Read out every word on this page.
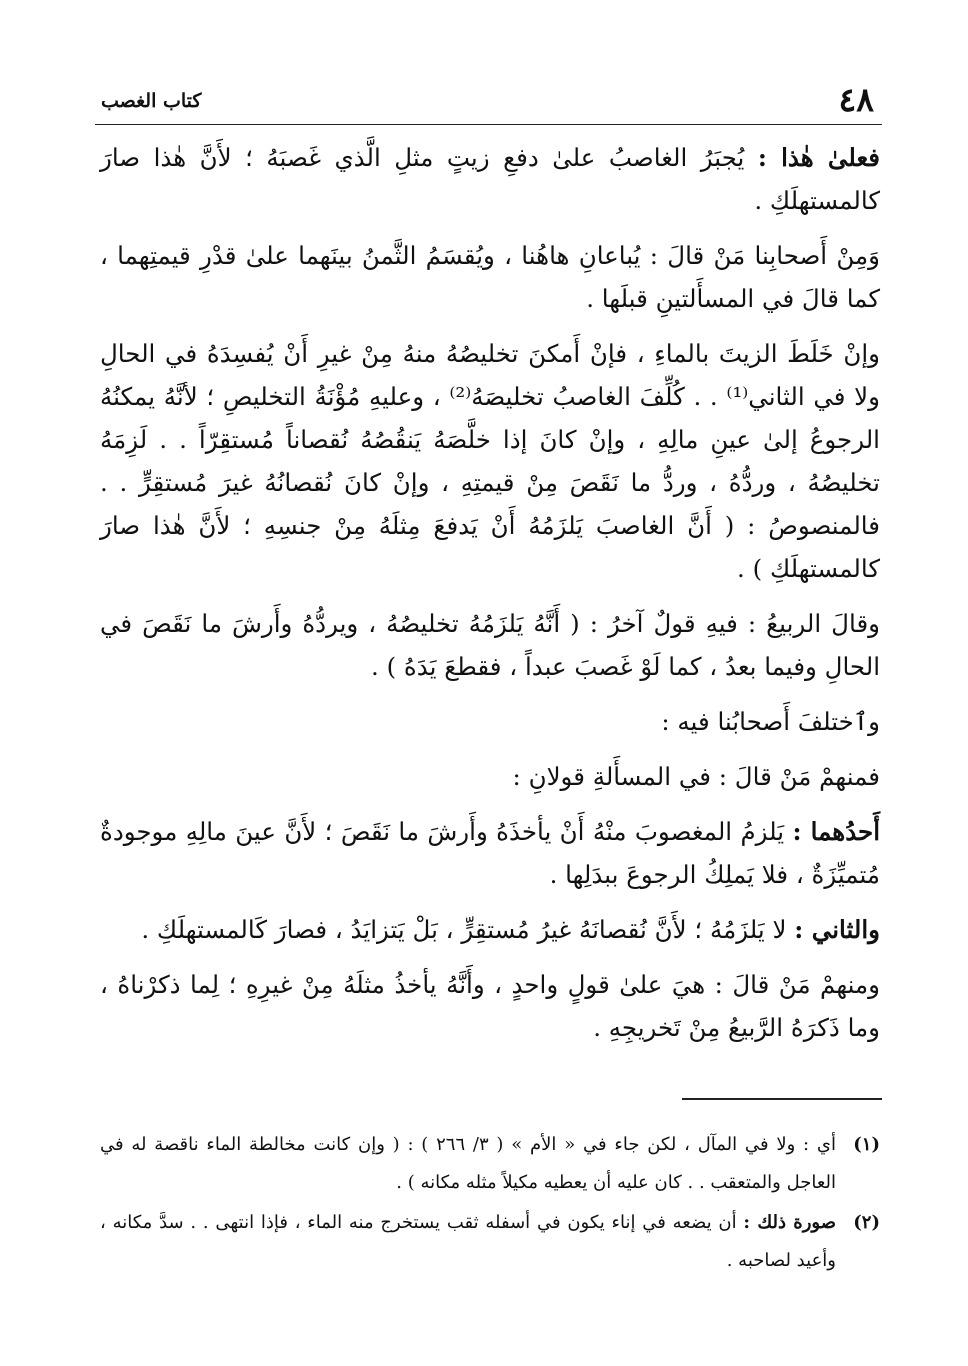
٤٨
كتاب الغصب

فعلىٰ هٰذا : يُجبَرُ الغاصبُ علىٰ دفعِ زيتٍ مثلِ الَّذي غَصبَهُ ؛ لأَنَّ هٰذا صارَ كالمستهلَكِ .

وَمِنْ أَصحابِنا مَنْ قالَ : يُباعانِ هاهُنا ، ويُقسَمُ الثَّمنُ بينَهما علىٰ قدْرِ قيمتِهما ، كما قالَ في المسأَلتينِ قبلَها .

وإنْ خَلَطَ الزيتَ بالماءِ ، فإنْ أَمكنَ تخليصُهُ منهُ مِنْ غيرِ أَنْ يُفسِدَهُ في الحالِ ولا في الثاني⁽¹⁾ . . كُلِّفَ الغاصبُ تخليصَهُ⁽²⁾ ، وعليهِ مُؤْنَةُ التخليصِ ؛ لأنَّهُ يمكنُهُ الرجوعُ إلىٰ عينِ مالِهِ ، وإنْ كانَ إذا خلَّصَهُ يَنقُصُهُ نُقصاناً مُستقِرّاً . . لَزِمَهُ تخليصُهُ ، وردُّهُ ، وردُّ ما نَقَصَ مِنْ قيمتِهِ ، وإنْ كانَ نُقصانُهُ غيرَ مُستقِرٍّ . . فالمنصوصُ : ( أَنَّ الغاصبَ يَلزَمُهُ أَنْ يَدفعَ مِثلَهُ مِنْ جنسِهِ ؛ لأَنَّ هٰذا صارَ كالمستهلَكِ ) .

وقالَ الربيعُ : فيهِ قولٌ آخرُ : ( أَنَّهُ يَلزَمُهُ تخليصُهُ ، ويردُّهُ وأَرشَ ما نَقَصَ في الحالِ وفيما بعدُ ، كما لَوْ غَصبَ عبداً ، فقطعَ يَدَهُ ) .

وٱختلفَ أَصحابُنا فيه :

فمنهمْ مَنْ قالَ : في المسأَلةِ قولانِ :

أَحدُهما : يَلزمُ المغصوبَ منْهُ أَنْ يأخذَهُ وأَرشَ ما نَقَصَ ؛ لأَنَّ عينَ مالِهِ موجودةٌ مُتميِّزَةٌ ، فلا يَملِكُ الرجوعَ ببدَلِها .

والثاني : لا يَلزَمُهُ ؛ لأَنَّ نُقصانَهُ غيرُ مُستقِرٍّ ، بَلْ يَتزايَدُ ، فصارَ كَالمستهلَكِ .

ومنهمْ مَنْ قالَ : هيَ علىٰ قولٍ واحدٍ ، وأَنَّهُ يأخذُ مثلَهُ مِنْ غيرِهِ ؛ لِما ذكرْناهُ ، وما ذَكرَهُ الرَّبيعُ مِنْ تَخريجِهِ .

(١)
أي : ولا في المآل ، لكن جاء في « الأم » ( ٣/ ٢٦٦ ) : ( وإن كانت مخالطة الماء ناقصة له في العاجل والمتعقب . . كان عليه أن يعطيه مكيلاً مثله مكانه ) .
(٢)
صورة ذلك : أن يضعه في إناء يكون في أسفله ثقب يستخرج منه الماء ، فإذا انتهى . . سدَّ مكانه ، وأعيد لصاحبه .
